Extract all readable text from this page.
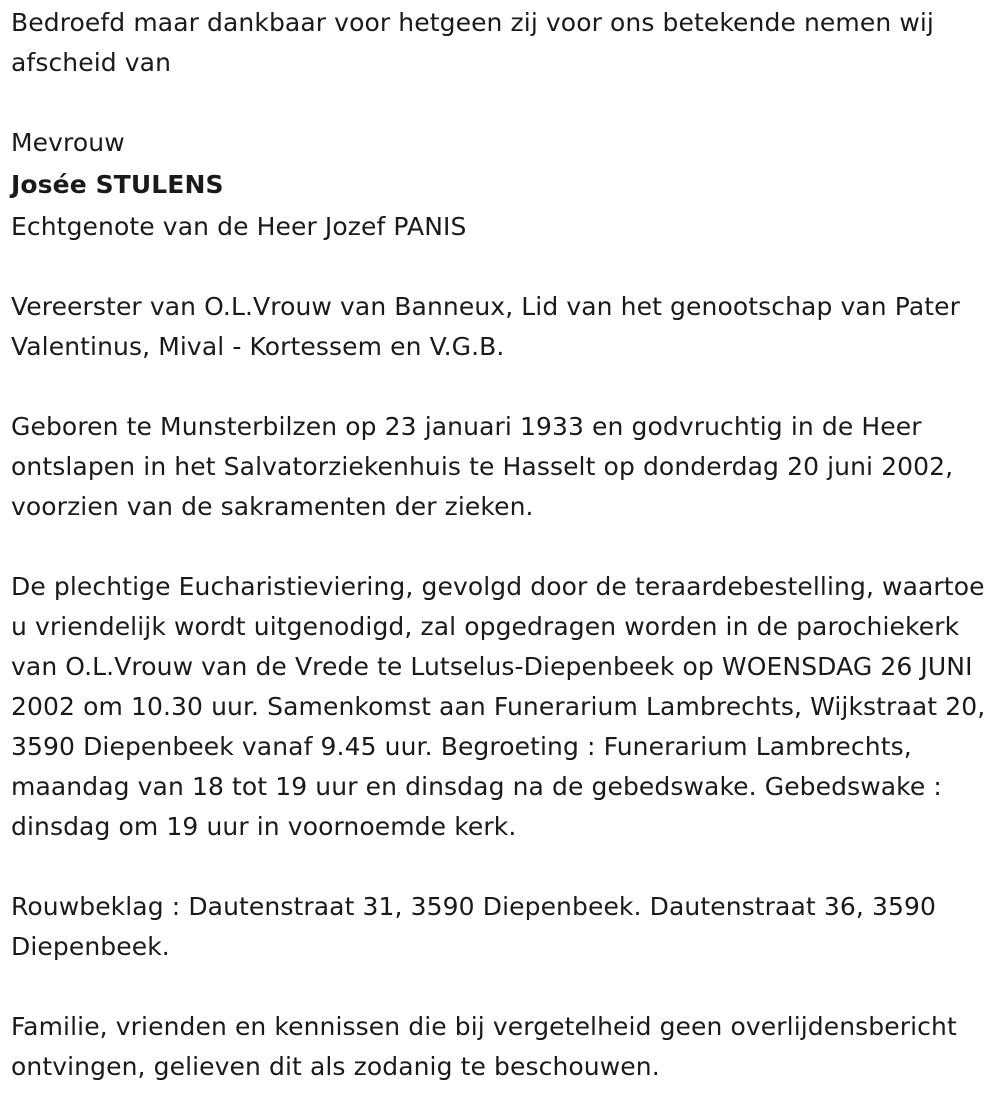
Bedroefd maar dankbaar voor hetgeen zij voor ons betekende nemen wij afscheid van

Mevrouw

Josée STULENS

Echtgenote van de Heer Jozef PANIS

Vereerster van O.L.Vrouw van Banneux, Lid van het genootschap van Pater Valentinus, Mival - Kortessem en V.G.B.

Geboren te Munsterbilzen op 23 januari 1933 en godvruchtig in de Heer ontslapen in het Salvatorziekenhuis te Hasselt op donderdag 20 juni 2002, voorzien van de sakramenten der zieken.

De plechtige Eucharistieviering, gevolgd door de teraardebestelling, waartoe u vriendelijk wordt uitgenodigd, zal opgedragen worden in de parochiekerk van O.L.Vrouw van de Vrede te Lutselus-Diepenbeek op WOENSDAG 26 JUNI 2002 om 10.30 uur. Samenkomst aan Funerarium Lambrechts, Wijkstraat 20, 3590 Diepenbeek vanaf 9.45 uur. Begroeting : Funerarium Lambrechts, maandag van 18 tot 19 uur en dinsdag na de gebedswake. Gebedswake : dinsdag om 19 uur in voornoemde kerk.

Rouwbeklag : Dautenstraat 31, 3590 Diepenbeek. Dautenstraat 36, 3590 Diepenbeek.

Familie, vrienden en kennissen die bij vergetelheid geen overlijdensbericht ontvingen, gelieven dit als zodanig te beschouwen.
